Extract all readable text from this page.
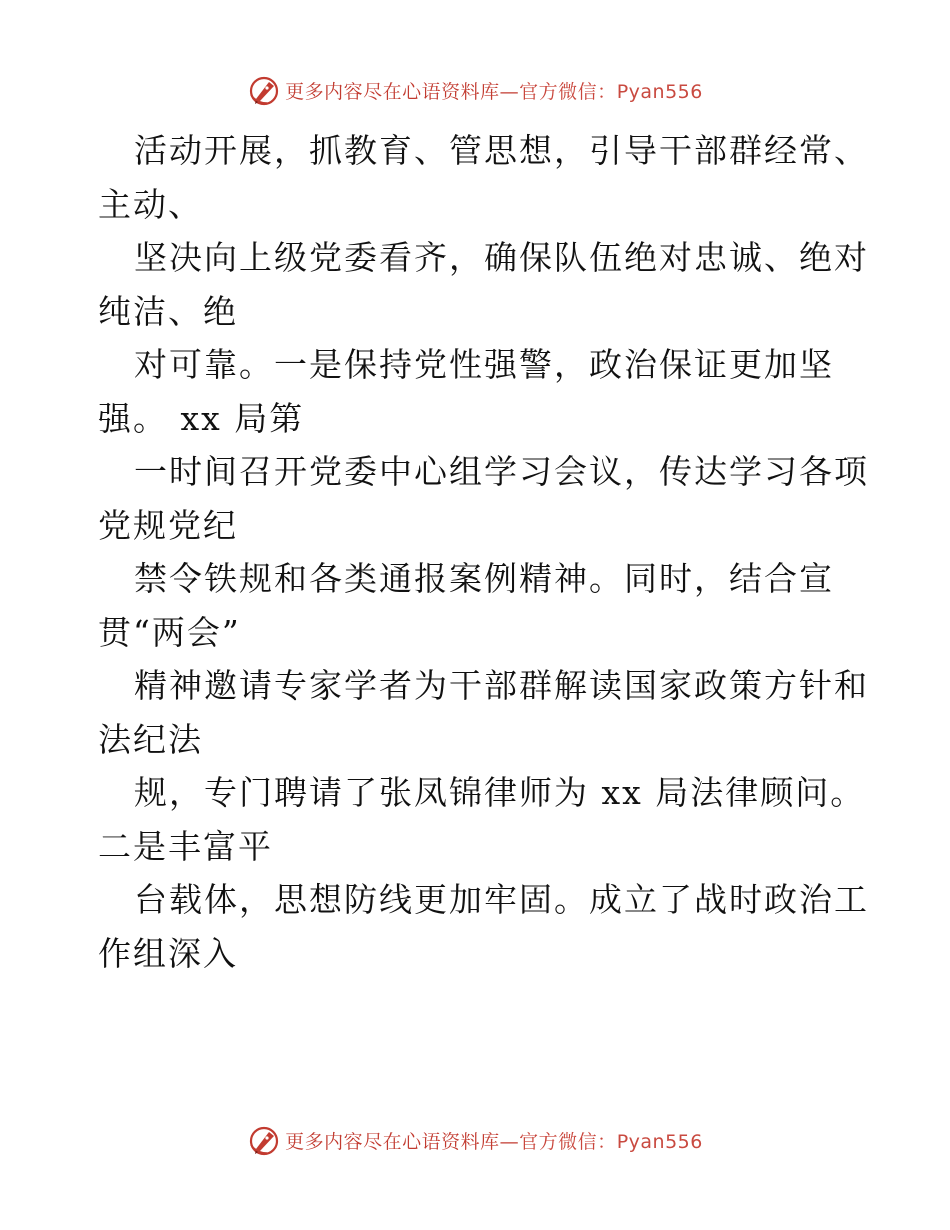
更多内容尽在心语资料库—官方微信：Pyan556
活动开展，抓教育、管思想，引导干部群经常、
主动、
坚决向上级党委看齐，确保队伍绝对忠诚、绝对
纯洁、绝
对可靠。一是保持党性强警，政治保证更加坚
强。 xx 局第
一时间召开党委中心组学习会议，传达学习各项
党规党纪
禁令铁规和各类通报案例精神。同时，结合宣
贯“两会”
精神邀请专家学者为干部群解读国家政策方针和
法纪法
规，专门聘请了张凤锦律师为 xx 局法律顾问。
二是丰富平
台载体，思想防线更加牢固。成立了战时政治工
作组深入
更多内容尽在心语资料库—官方微信：Pyan556
